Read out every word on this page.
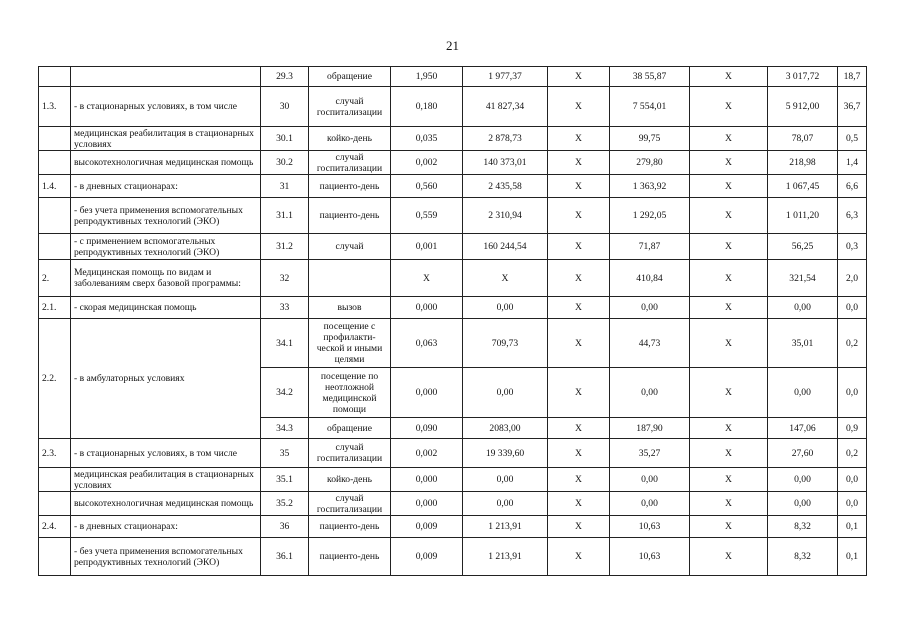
21
		29.3	обращение	1,950	1 977,37	X	38 55,87	X	3 017,72	18,7
1.3.	- в стационарных условиях, в том числе	30	случай госпитализации	0,180	41 827,34	X	7 554,01	X	5 912,00	36,7
	медицинская реабилитация в стационарных условиях	30.1	койко-день	0,035	2 878,73	X	99,75	X	78,07	0,5
	высокотехнологичная медицинская помощь	30.2	случай госпитализации	0,002	140 373,01	X	279,80	X	218,98	1,4
1.4.	- в дневных стационарах:	31	пациенто-день	0,560	2 435,58	X	1 363,92	X	1 067,45	6,6
	- без учета применения вспомогательных репродуктивных технологий (ЭКО)	31.1	пациенто-день	0,559	2 310,94	X	1 292,05	X	1 011,20	6,3
	- с применением вспомогательных репродуктивных технологий (ЭКО)	31.2	случай	0,001	160 244,54	X	71,87	X	56,25	0,3
2.	Медицинская помощь по видам и заболеваниям сверх базовой программы:	32		X	X	X	410,84	X	321,54	2,0
2.1.	- скорая медицинская помощь	33	вызов	0,000	0,00	X	0,00	X	0,00	0,0
2.2.	- в амбулаторных условиях	34.1	посещение с профилакти-ческой и иными целями	0,063	709,73	X	44,73	X	35,01	0,2
		34.2	посещение по неотложной медицинской помощи	0,000	0,00	X	0,00	X	0,00	0,0
		34.3	обращение	0,090	2083,00	X	187,90	X	147,06	0,9
2.3.	- в стационарных условиях, в том числе	35	случай госпитализации	0,002	19 339,60	X	35,27	X	27,60	0,2
	медицинская реабилитация в стационарных условиях	35.1	койко-день	0,000	0,00	X	0,00	X	0,00	0,0
	высокотехнологичная медицинская помощь	35.2	случай госпитализации	0,000	0,00	X	0,00	X	0,00	0,0
2.4.	- в дневных стационарах:	36	пациенто-день	0,009	1 213,91	X	10,63	X	8,32	0,1
	- без учета применения вспомогательных репродуктивных технологий (ЭКО)	36.1	пациенто-день	0,009	1 213,91	X	10,63	X	8,32	0,1
